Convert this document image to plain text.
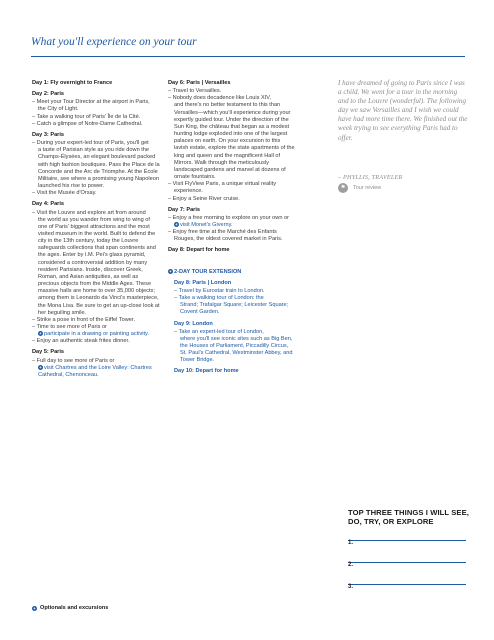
What you'll experience on your tour
Day 1: Fly overnight to France
Day 2: Paris
– Meet your Tour Director at the airport in Paris,
the City of Light.
– Take a walking tour of Paris' Île de la Cité.
– Catch a glimpse of Notre-Dame Cathedral.
Day 3: Paris
– During your expert-led tour of Paris, you'll get
a taste of Parisian style as you ride down the Champs-Élysées, an elegant boulevard packed with high fashion boutiques. Pass the Place de la Concorde and the Arc de Triomphe. At the École Militaire, see where a promising young Napoleon launched his rise to power.
– Visit the Musée d'Orsay.
Day 4: Paris
– Visit the Louvre and explore art from around
the world as you wander from wing to wing of one of Paris' biggest attractions and the most visited museum in the world. Built to defend the city in the 13th century, today the Louvre safeguards collections that span continents and the ages. Enter by I.M. Pei's glass pyramid, considered a controversial addition by many resident Parisians. Inside, discover Greek, Roman, and Asian antiquities, as well as precious objects from the Middle Ages. These massive halls are home to over 35,000 objects; among them is Leonardo da Vinci's masterpiece, the Mona Lisa. Be sure to get an up-close look at her beguiling smile.
– Strike a pose in front of the Eiffel Tower.
– Time to see more of Paris or
+ participate in a drawing or painting activity.
– Enjoy an authentic steak frites dinner.
Day 5: Paris
– Full day to see more of Paris or
+ visit Chartres and the Loire Valley: Chartres Cathedral, Chenonceau.
Day 6: Paris | Versailles
– Travel to Versailles.
– Nobody does decadence like Louis XIV,
and there's no better testament to this than Versailles—which you'll experience during your expertly guided tour. Under the direction of the Sun King, the château that began as a modest hunting lodge exploded into one of the largest palaces on earth. On your excursion to this lavish estate, explore the state apartments of the king and queen and the magnificent Hall of Mirrors. Walk through the meticulously landscaped gardens and marvel at dozens of ornate fountains.
– Visit FlyView Paris, a unique virtual reality
experience.
– Enjoy a Seine River cruise.
Day 7: Paris
– Enjoy a free morning to explore on your own or
+ visit Monet's Giverny.
– Enjoy free time at the Marché des Enfants
Rouges, the oldest covered market in Paris.
Day 8: Depart for home
+ 2-DAY TOUR EXTENSION
Day 8: Paris | London
– Travel by Eurostar train to London.
– Take a walking tour of London: the
Strand; Trafalgar Square; Leicester Square; Covent Garden.
Day 9: London
– Take an expert-led tour of London,
where you'll see iconic sites such as Big Ben, the Houses of Parliament, Piccadilly Circus, St. Paul's Cathedral, Westminster Abbey, and Tower Bridge.
Day 10: Depart for home
I have dreamed of going to Paris since I was a child. We went for a tour in the morning and to the Louvre (wonderful). The following day we saw Versailles and I wish we could have had more time there. We finished out the week trying to see everything Paris had to offer.
– PHYLLIS, TRAVELER
❝	Tour review
TOP THREE THINGS I WILL SEE, DO, TRY, OR EXPLORE
1.
2.
3.
+ Optionals and excursions
